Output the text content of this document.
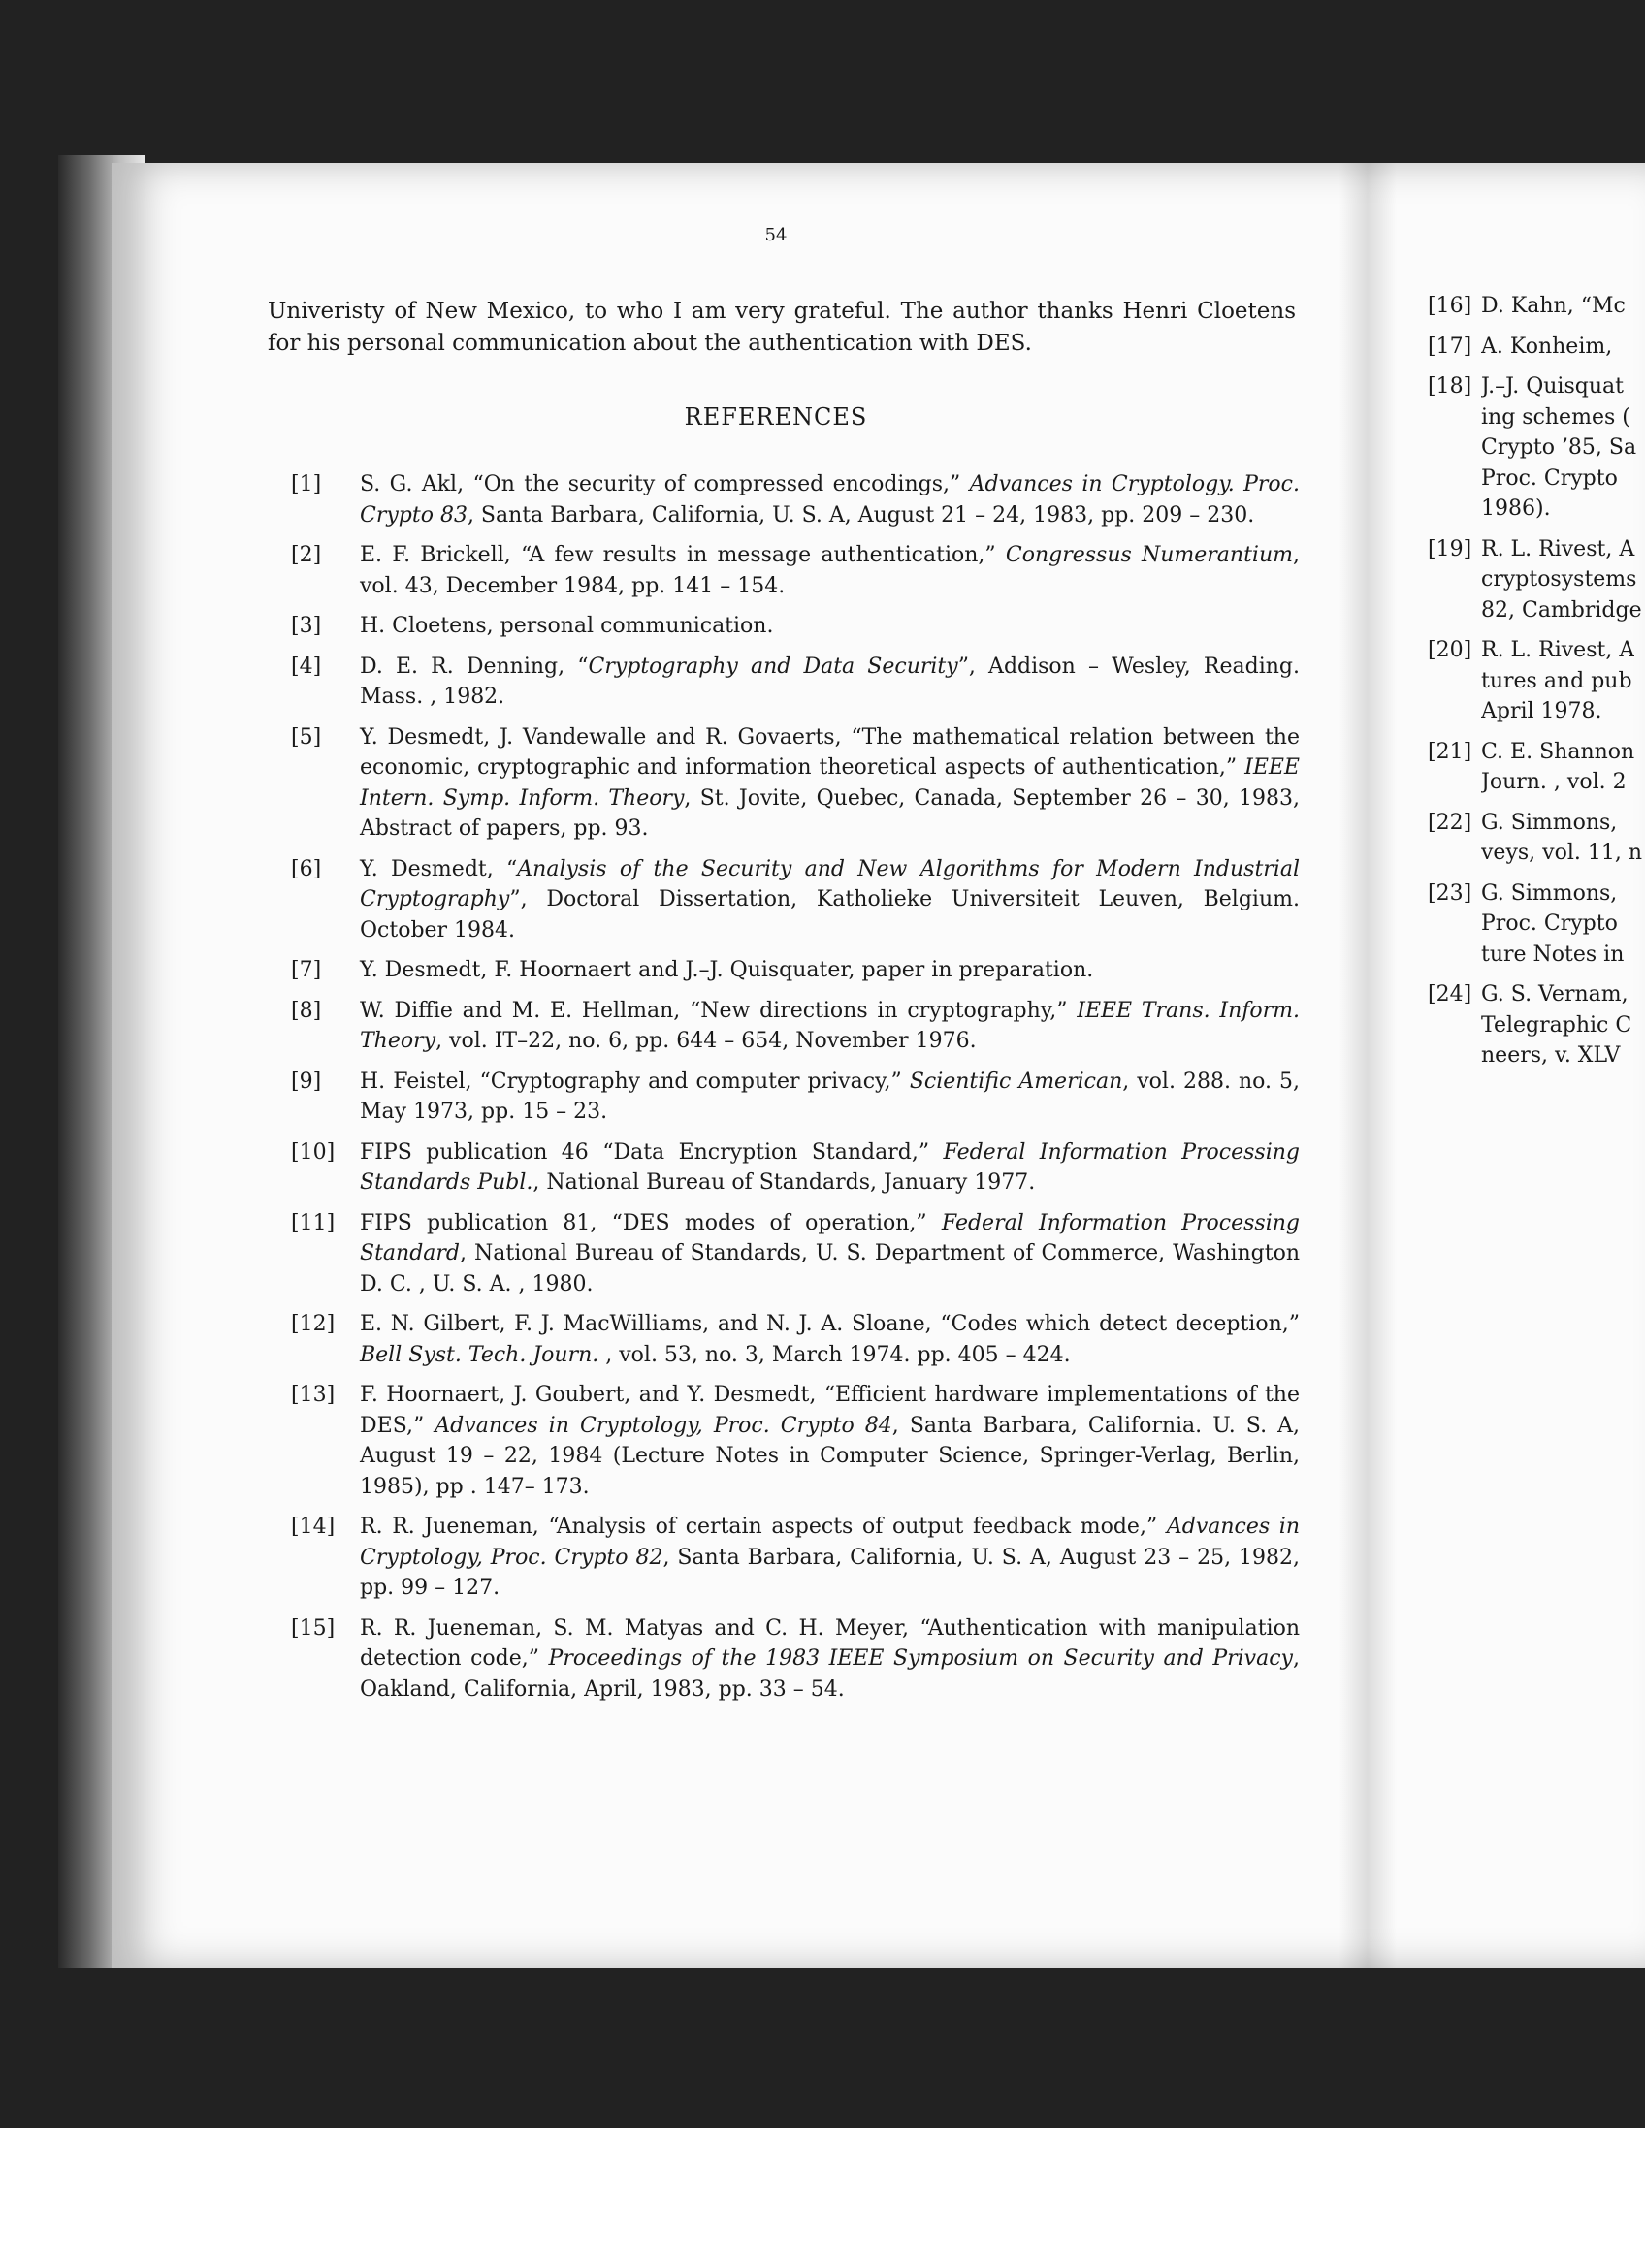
54
Univeristy of New Mexico, to who I am very grateful. The author thanks Henri Cloetens for his personal communication about the authentication with DES.
REFERENCES
[1]	S. G. Akl, “On the security of compressed encodings,” Advances in Cryptology. Proc. Crypto 83, Santa Barbara, California, U. S. A, August 21 – 24, 1983, pp. 209 – 230.
[2]	E. F. Brickell, “A few results in message authentication,” Congressus Numerantium, vol. 43, December 1984, pp. 141 – 154.
[3]	H. Cloetens, personal communication.
[4]	D. E. R. Denning, “Cryptography and Data Security”, Addison – Wesley, Reading. Mass. , 1982.
[5]	Y. Desmedt, J. Vandewalle and R. Govaerts, “The mathematical relation between the economic, cryptographic and information theoretical aspects of authentication,” IEEE Intern. Symp. Inform. Theory, St. Jovite, Quebec, Canada, September 26 – 30, 1983, Abstract of papers, pp. 93.
[6]	Y. Desmedt, “Analysis of the Security and New Algorithms for Modern Industrial Cryptography”, Doctoral Dissertation, Katholieke Universiteit Leuven, Belgium. October 1984.
[7]	Y. Desmedt, F. Hoornaert and J.–J. Quisquater, paper in preparation.
[8]	W. Diffie and M. E. Hellman, “New directions in cryptography,” IEEE Trans. Inform. Theory, vol. IT–22, no. 6, pp. 644 – 654, November 1976.
[9]	H. Feistel, “Cryptography and computer privacy,” Scientific American, vol. 288. no. 5, May 1973, pp. 15 – 23.
[10]	FIPS publication 46 “Data Encryption Standard,” Federal Information Processing Standards Publ., National Bureau of Standards, January 1977.
[11]	FIPS publication 81, “DES modes of operation,” Federal Information Processing Standard, National Bureau of Standards, U. S. Department of Commerce, Washington D. C. , U. S. A. , 1980.
[12]	E. N. Gilbert, F. J. MacWilliams, and N. J. A. Sloane, “Codes which detect deception,” Bell Syst. Tech. Journ. , vol. 53, no. 3, March 1974. pp. 405 – 424.
[13]	F. Hoornaert, J. Goubert, and Y. Desmedt, “Efficient hardware implementations of the DES,” Advances in Cryptology, Proc. Crypto 84, Santa Barbara, California. U. S. A, August 19 – 22, 1984 (Lecture Notes in Computer Science, Springer-Verlag, Berlin, 1985), pp . 147– 173.
[14]	R. R. Jueneman, “Analysis of certain aspects of output feedback mode,” Advances in Cryptology, Proc. Crypto 82, Santa Barbara, California, U. S. A, August 23 – 25, 1982, pp. 99 – 127.
[15]	R. R. Jueneman, S. M. Matyas and C. H. Meyer, “Authentication with manipulation detection code,” Proceedings of the 1983 IEEE Symposium on Security and Privacy, Oakland, California, April, 1983, pp. 33 – 54.
[16] D. Kahn, “Mc
[17] A. Konheim,
[18] J.–J. Quisquat
ing schemes (
Crypto ’85, Sa
Proc. Crypto
1986).
[19] R. L. Rivest, A
cryptosystems
82, Cambridge
[20] R. L. Rivest, A
tures and pub
April 1978.
[21] C. E. Shannon
Journ. , vol. 2
[22] G. Simmons,
veys, vol. 11, n
[23] G. Simmons,
Proc. Crypto
ture Notes in
[24] G. S. Vernam,
Telegraphic C
neers, v. XLV
